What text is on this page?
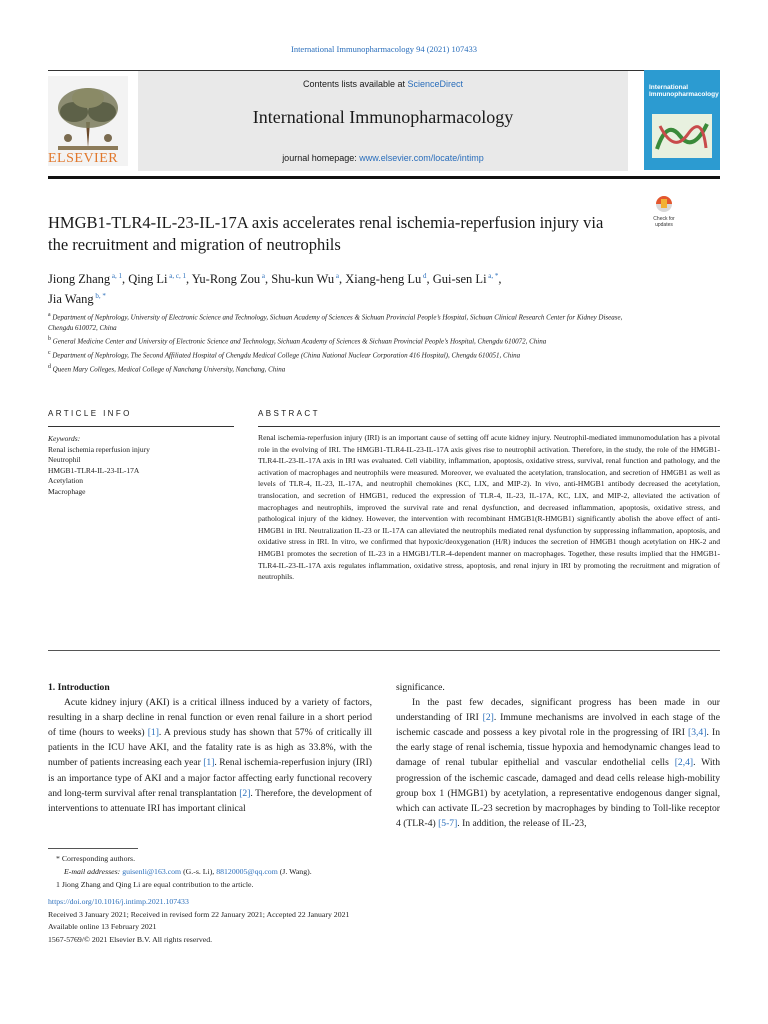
International Immunopharmacology 94 (2021) 107433
ELSEVIER
Contents lists available at ScienceDirect
International Immunopharmacology
journal homepage: www.elsevier.com/locate/intimp
International Immunopharmacology
HMGB1-TLR4-IL-23-IL-17A axis accelerates renal ischemia-reperfusion injury via the recruitment and migration of neutrophils
Check for
updates
Jiong Zhang $^{a, 1}$, Qing Li $^{a, c, 1}$, Yu-Rong Zou $^a$, Shu-kun Wu $^a$, Xiang-heng Lu $^d$, Gui-sen Li $^{a, *}$,
Jia Wang $^{b, *}$

$^a$ Department of Nephrology, University of Electronic Science and Technology, Sichuan Academy of Sciences & Sichuan Provincial People’s Hospital, Sichuan Clinical Research Center for Kidney Disease, Chengdu 610072, China

$^b$ General Medicine Center and University of Electronic Science and Technology, Sichuan Academy of Sciences & Sichuan Provincial People’s Hospital, Chengdu 610072, China

$^c$ Department of Nephrology, The Second Affiliated Hospital of Chengdu Medical College (China National Nuclear Corporation 416 Hospital), Chengdu 610051, China

$^d$ Queen Mary Colleges, Medical College of Nanchang University, Nanchang, China

ARTICLE INFO	ABSTRACT
Keywords:
Renal ischemia reperfusion injury
Neutrophil
HMGB1-TLR4-IL-23-IL-17A
Acetylation
Macrophage
Renal ischemia-reperfusion injury (IRI) is an important cause of setting off acute kidney injury. Neutrophil-mediated immunomodulation has a pivotal role in the evolving of IRI. The HMGB1-TLR4-IL-23-IL-17A axis gives rise to neutrophil activation. Therefore, in the study, the role of the HMGB1-TLR4-IL-23-IL-17A axis in IRI was evaluated. Cell viability, inflammation, apoptosis, oxidative stress, survival, renal function and pathology, and the activation of macrophages and neutrophils were measured. Moreover, we evaluated the acetylation, translocation, and secretion of HMGB1 as well as levels of TLR-4, IL-23, IL-17A, and neutrophil chemokines (KC, LIX, and MIP-2). In vivo, anti-HMGB1 antibody decreased the acetylation, translocation, and secretion of HMGB1, reduced the expression of TLR-4, IL-23, IL-17A, KC, LIX, and MIP-2, alleviated the activation of macrophages and neutrophils, improved the survival rate and renal dysfunction, and decreased inflammation, apoptosis, oxidative stress, and pathological injury of the kidney. However, the intervention with recombinant HMGB1(R-HMGB1) significantly abolish the above effect of anti-HMGB1 in IRI. Neutralization IL-23 or IL-17A can alleviated the neutrophils mediated renal dysfunction by suppressing inflammation, apoptosis, and oxidative stress in IRI. In vitro, we confirmed that hypoxic/deoxygenation (H/R) induces the secretion of HMGB1 though acetylation on HK-2 and HMGB1 promotes the secretion of IL-23 in a HMGB1/TLR-4-dependent manner on macrophages. Together, these results implied that the HMGB1-TLR4-IL-23-IL-17A axis regulates inflammation, oxidative stress, apoptosis, and renal injury in IRI by promoting the recruitment and migration of neutrophils.

1. Introduction

Acute kidney injury (AKI) is a critical illness induced by a variety of factors, resulting in a sharp decline in renal function or even renal failure in a short period of time (hours to weeks) [1]. A previous study has shown that 57% of critically ill patients in the ICU have AKI, and the fatality rate is as high as 33.8%, with the number of patients increasing each year [1]. Renal ischemia-reperfusion injury (IRI) is an importance type of AKI and a major factor affecting early functional recovery and long-term survival after renal transplantation [2]. Therefore, the development of interventions to attenuate IRI has important clinical

significance.

In the past few decades, significant progress has been made in our understanding of IRI [2]. Immune mechanisms are involved in each stage of the ischemic cascade and possess a key pivotal role in the progressing of IRI [3,4]. In the early stage of renal ischemia, tissue hypoxia and hemodynamic changes lead to damage of renal tubular epithelial and vascular endothelial cells [2,4]. With progression of the ischemic cascade, damaged and dead cells release high-mobility group box 1 (HMGB1) by acetylation, a representative endogenous danger signal, which can activate IL-23 secretion by macrophages by binding to Toll-like receptor 4 (TLR-4) [5-7]. In addition, the release of IL-23,

* Corresponding authors.

E-mail addresses: guisenli@163.com (G.-s. Li), 88120005@qq.com (J. Wang).

1 Jiong Zhang and Qing Li are equal contribution to the article.

https://doi.org/10.1016/j.intimp.2021.107433

Received 3 January 2021; Received in revised form 22 January 2021; Accepted 22 January 2021

Available online 13 February 2021

1567-5769/© 2021 Elsevier B.V. All rights reserved.
